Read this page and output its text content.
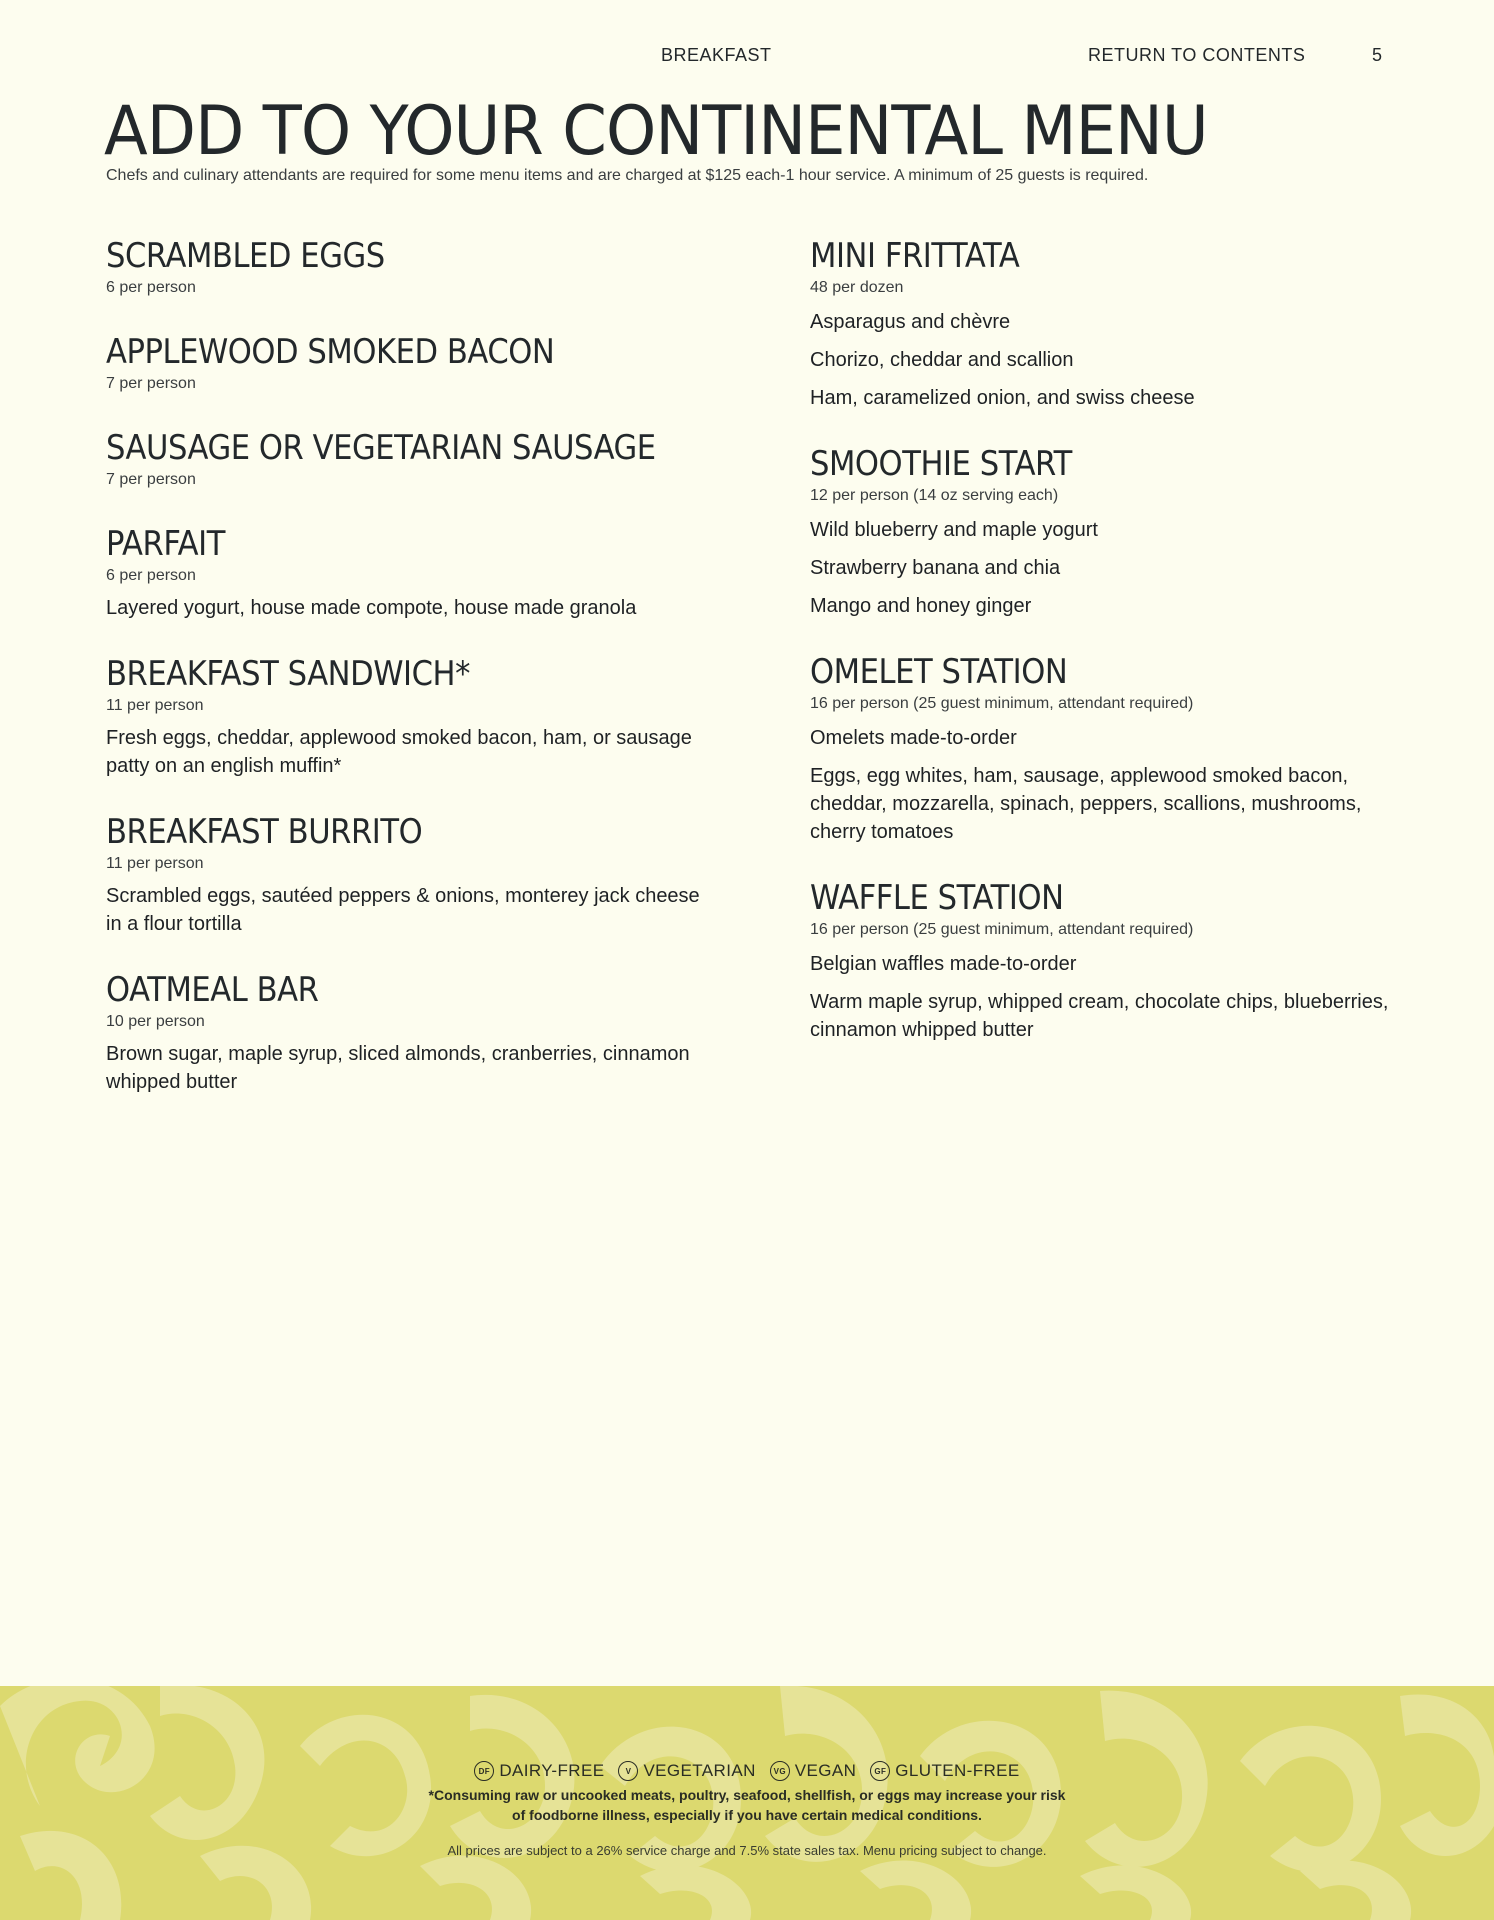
BREAKFAST	RETURN TO CONTENTS	5
ADD TO YOUR CONTINENTAL MENU
Chefs and culinary attendants are required for some menu items and are charged at $125 each-1 hour service. A minimum of 25 guests is required.
SCRAMBLED EGGS
6 per person
APPLEWOOD SMOKED BACON
7 per person
SAUSAGE OR VEGETARIAN SAUSAGE
7 per person
PARFAIT
6 per person
Layered yogurt, house made compote, house made granola
BREAKFAST SANDWICH*
11 per person
Fresh eggs, cheddar, applewood smoked bacon, ham, or sausage patty on an english muffin*
BREAKFAST BURRITO
11 per person
Scrambled eggs, sautéed peppers & onions, monterey jack cheese in a flour tortilla
OATMEAL BAR
10 per person
Brown sugar, maple syrup, sliced almonds, cranberries, cinnamon whipped butter
MINI FRITTATA
48 per dozen
Asparagus and chèvre
Chorizo, cheddar and scallion
Ham, caramelized onion, and swiss cheese
SMOOTHIE START
12 per person (14 oz serving each)
Wild blueberry and maple yogurt
Strawberry banana and chia
Mango and honey ginger
OMELET STATION
16 per person (25 guest minimum, attendant required)
Omelets made-to-order
Eggs, egg whites, ham, sausage, applewood smoked bacon, cheddar, mozzarella, spinach, peppers, scallions, mushrooms, cherry tomatoes
WAFFLE STATION
16 per person (25 guest minimum, attendant required)
Belgian waffles made-to-order
Warm maple syrup, whipped cream, chocolate chips, blueberries, cinnamon whipped butter
DF DAIRY-FREE	V VEGETARIAN	VG VEGAN	GF GLUTEN-FREE
*Consuming raw or uncooked meats, poultry, seafood, shellfish, or eggs may increase your risk
of foodborne illness, especially if you have certain medical conditions.
All prices are subject to a 26% service charge and 7.5% state sales tax. Menu pricing subject to change.
